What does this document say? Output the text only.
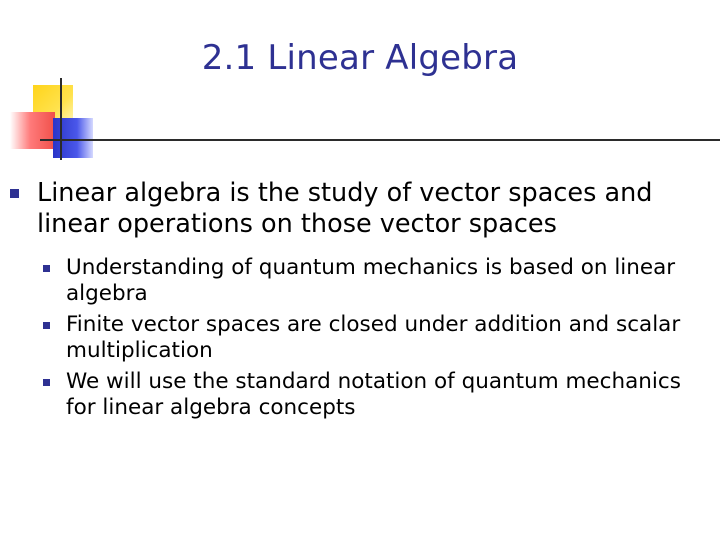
2.1 Linear Algebra
Linear algebra is the study of vector spaces and linear operations on those vector spaces
Understanding of quantum mechanics is based on linear algebra
Finite vector spaces are closed under addition and scalar multiplication
We will use the standard notation of quantum mechanics for linear algebra concepts
